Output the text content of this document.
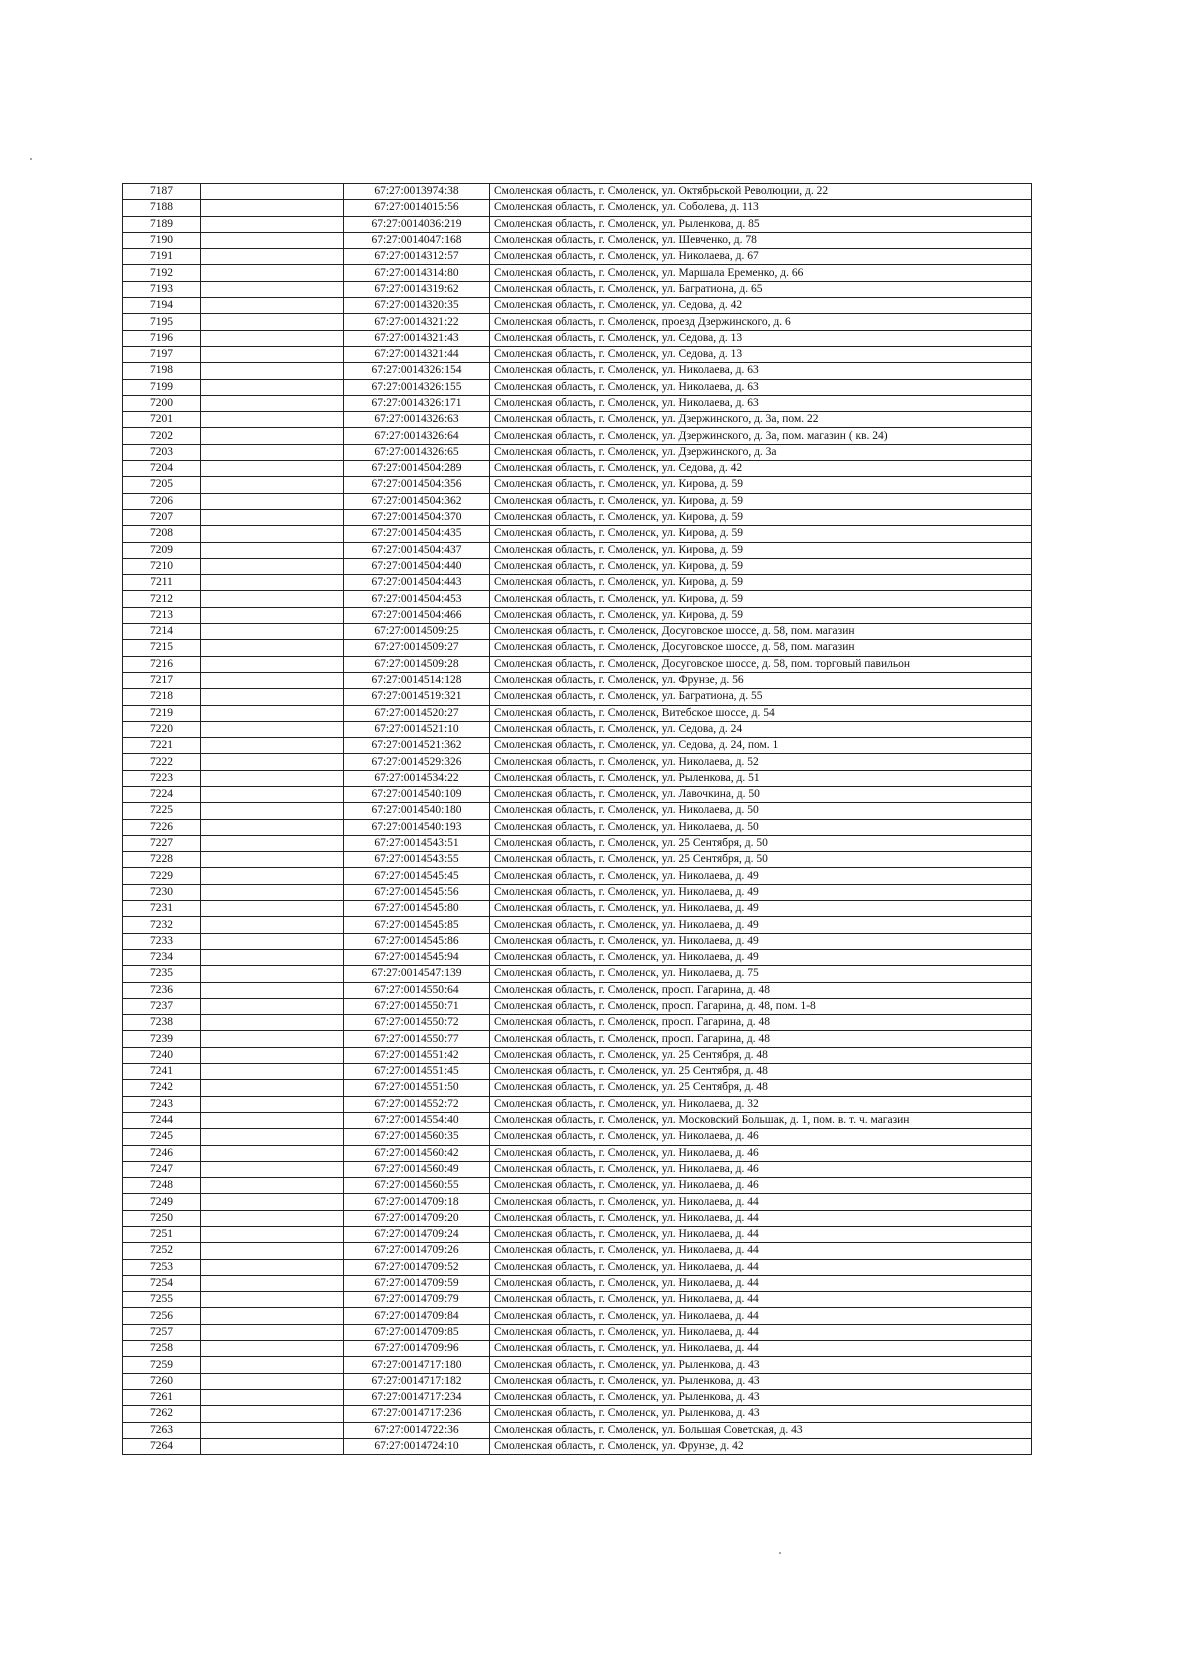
7187		67:27:0013974:38	Смоленская область, г. Смоленск, ул. Октябрьской Революции, д. 22
7188		67:27:0014015:56	Смоленская область, г. Смоленск, ул. Соболева, д. 113
7189		67:27:0014036:219	Смоленская область, г. Смоленск, ул. Рыленкова, д. 85
7190		67:27:0014047:168	Смоленская область, г. Смоленск, ул. Шевченко, д. 78
7191		67:27:0014312:57	Смоленская область, г. Смоленск, ул. Николаева, д. 67
7192		67:27:0014314:80	Смоленская область, г. Смоленск, ул. Маршала Еременко, д. 66
7193		67:27:0014319:62	Смоленская область, г. Смоленск, ул. Багратиона, д. 65
7194		67:27:0014320:35	Смоленская область, г. Смоленск, ул. Седова, д. 42
7195		67:27:0014321:22	Смоленская область, г. Смоленск, проезд Дзержинского, д. 6
7196		67:27:0014321:43	Смоленская область, г. Смоленск, ул. Седова, д. 13
7197		67:27:0014321:44	Смоленская область, г. Смоленск, ул. Седова, д. 13
7198		67:27:0014326:154	Смоленская область, г. Смоленск, ул. Николаева, д. 63
7199		67:27:0014326:155	Смоленская область, г. Смоленск, ул. Николаева, д. 63
7200		67:27:0014326:171	Смоленская область, г. Смоленск, ул. Николаева, д. 63
7201		67:27:0014326:63	Смоленская область, г. Смоленск, ул. Дзержинского, д. 3а, пом. 22
7202		67:27:0014326:64	Смоленская область, г. Смоленск, ул. Дзержинского, д. 3а, пом. магазин ( кв. 24)
7203		67:27:0014326:65	Смоленская область, г. Смоленск, ул. Дзержинского, д. 3а
7204		67:27:0014504:289	Смоленская область, г. Смоленск, ул. Седова, д. 42
7205		67:27:0014504:356	Смоленская область, г. Смоленск, ул. Кирова, д. 59
7206		67:27:0014504:362	Смоленская область, г. Смоленск, ул. Кирова, д. 59
7207		67:27:0014504:370	Смоленская область, г. Смоленск, ул. Кирова, д. 59
7208		67:27:0014504:435	Смоленская область, г. Смоленск, ул. Кирова, д. 59
7209		67:27:0014504:437	Смоленская область, г. Смоленск, ул. Кирова, д. 59
7210		67:27:0014504:440	Смоленская область, г. Смоленск, ул. Кирова, д. 59
7211		67:27:0014504:443	Смоленская область, г. Смоленск, ул. Кирова, д. 59
7212		67:27:0014504:453	Смоленская область, г. Смоленск, ул. Кирова, д. 59
7213		67:27:0014504:466	Смоленская область, г. Смоленск, ул. Кирова, д. 59
7214		67:27:0014509:25	Смоленская область, г. Смоленск, Досуговское шоссе, д. 58, пом. магазин
7215		67:27:0014509:27	Смоленская область, г. Смоленск, Досуговское шоссе, д. 58, пом. магазин
7216		67:27:0014509:28	Смоленская область, г. Смоленск, Досуговское шоссе, д. 58, пом. торговый павильон
7217		67:27:0014514:128	Смоленская область, г. Смоленск, ул. Фрунзе, д. 56
7218		67:27:0014519:321	Смоленская область, г. Смоленск, ул. Багратиона, д. 55
7219		67:27:0014520:27	Смоленская область, г. Смоленск, Витебское шоссе, д. 54
7220		67:27:0014521:10	Смоленская область, г. Смоленск, ул. Седова, д. 24
7221		67:27:0014521:362	Смоленская область, г. Смоленск, ул. Седова, д. 24, пом. 1
7222		67:27:0014529:326	Смоленская область, г. Смоленск, ул. Николаева, д. 52
7223		67:27:0014534:22	Смоленская область, г. Смоленск, ул. Рыленкова, д. 51
7224		67:27:0014540:109	Смоленская область, г. Смоленск, ул. Лавочкина, д. 50
7225		67:27:0014540:180	Смоленская область, г. Смоленск, ул. Николаева, д. 50
7226		67:27:0014540:193	Смоленская область, г. Смоленск, ул. Николаева, д. 50
7227		67:27:0014543:51	Смоленская область, г. Смоленск, ул. 25 Сентября, д. 50
7228		67:27:0014543:55	Смоленская область, г. Смоленск, ул. 25 Сентября, д. 50
7229		67:27:0014545:45	Смоленская область, г. Смоленск, ул. Николаева, д. 49
7230		67:27:0014545:56	Смоленская область, г. Смоленск, ул. Николаева, д. 49
7231		67:27:0014545:80	Смоленская область, г. Смоленск, ул. Николаева, д. 49
7232		67:27:0014545:85	Смоленская область, г. Смоленск, ул. Николаева, д. 49
7233		67:27:0014545:86	Смоленская область, г. Смоленск, ул. Николаева, д. 49
7234		67:27:0014545:94	Смоленская область, г. Смоленск, ул. Николаева, д. 49
7235		67:27:0014547:139	Смоленская область, г. Смоленск, ул. Николаева, д. 75
7236		67:27:0014550:64	Смоленская область, г. Смоленск, просп. Гагарина, д. 48
7237		67:27:0014550:71	Смоленская область, г. Смоленск, просп. Гагарина, д. 48, пом. 1-8
7238		67:27:0014550:72	Смоленская область, г. Смоленск, просп. Гагарина, д. 48
7239		67:27:0014550:77	Смоленская область, г. Смоленск, просп. Гагарина, д. 48
7240		67:27:0014551:42	Смоленская область, г. Смоленск, ул. 25 Сентября, д. 48
7241		67:27:0014551:45	Смоленская область, г. Смоленск, ул. 25 Сентября, д. 48
7242		67:27:0014551:50	Смоленская область, г. Смоленск, ул. 25 Сентября, д. 48
7243		67:27:0014552:72	Смоленская область, г. Смоленск, ул. Николаева, д. 32
7244		67:27:0014554:40	Смоленская область, г. Смоленск, ул. Московский Большак, д. 1, пом. в. т. ч. магазин
7245		67:27:0014560:35	Смоленская область, г. Смоленск, ул. Николаева, д. 46
7246		67:27:0014560:42	Смоленская область, г. Смоленск, ул. Николаева, д. 46
7247		67:27:0014560:49	Смоленская область, г. Смоленск, ул. Николаева, д. 46
7248		67:27:0014560:55	Смоленская область, г. Смоленск, ул. Николаева, д. 46
7249		67:27:0014709:18	Смоленская область, г. Смоленск, ул. Николаева, д. 44
7250		67:27:0014709:20	Смоленская область, г. Смоленск, ул. Николаева, д. 44
7251		67:27:0014709:24	Смоленская область, г. Смоленск, ул. Николаева, д. 44
7252		67:27:0014709:26	Смоленская область, г. Смоленск, ул. Николаева, д. 44
7253		67:27:0014709:52	Смоленская область, г. Смоленск, ул. Николаева, д. 44
7254		67:27:0014709:59	Смоленская область, г. Смоленск, ул. Николаева, д. 44
7255		67:27:0014709:79	Смоленская область, г. Смоленск, ул. Николаева, д. 44
7256		67:27:0014709:84	Смоленская область, г. Смоленск, ул. Николаева, д. 44
7257		67:27:0014709:85	Смоленская область, г. Смоленск, ул. Николаева, д. 44
7258		67:27:0014709:96	Смоленская область, г. Смоленск, ул. Николаева, д. 44
7259		67:27:0014717:180	Смоленская область, г. Смоленск, ул. Рыленкова, д. 43
7260		67:27:0014717:182	Смоленская область, г. Смоленск, ул. Рыленкова, д. 43
7261		67:27:0014717:234	Смоленская область, г. Смоленск, ул. Рыленкова, д. 43
7262		67:27:0014717:236	Смоленская область, г. Смоленск, ул. Рыленкова, д. 43
7263		67:27:0014722:36	Смоленская область, г. Смоленск, ул. Большая Советская, д. 43
7264		67:27:0014724:10	Смоленская область, г. Смоленск, ул. Фрунзе, д. 42
